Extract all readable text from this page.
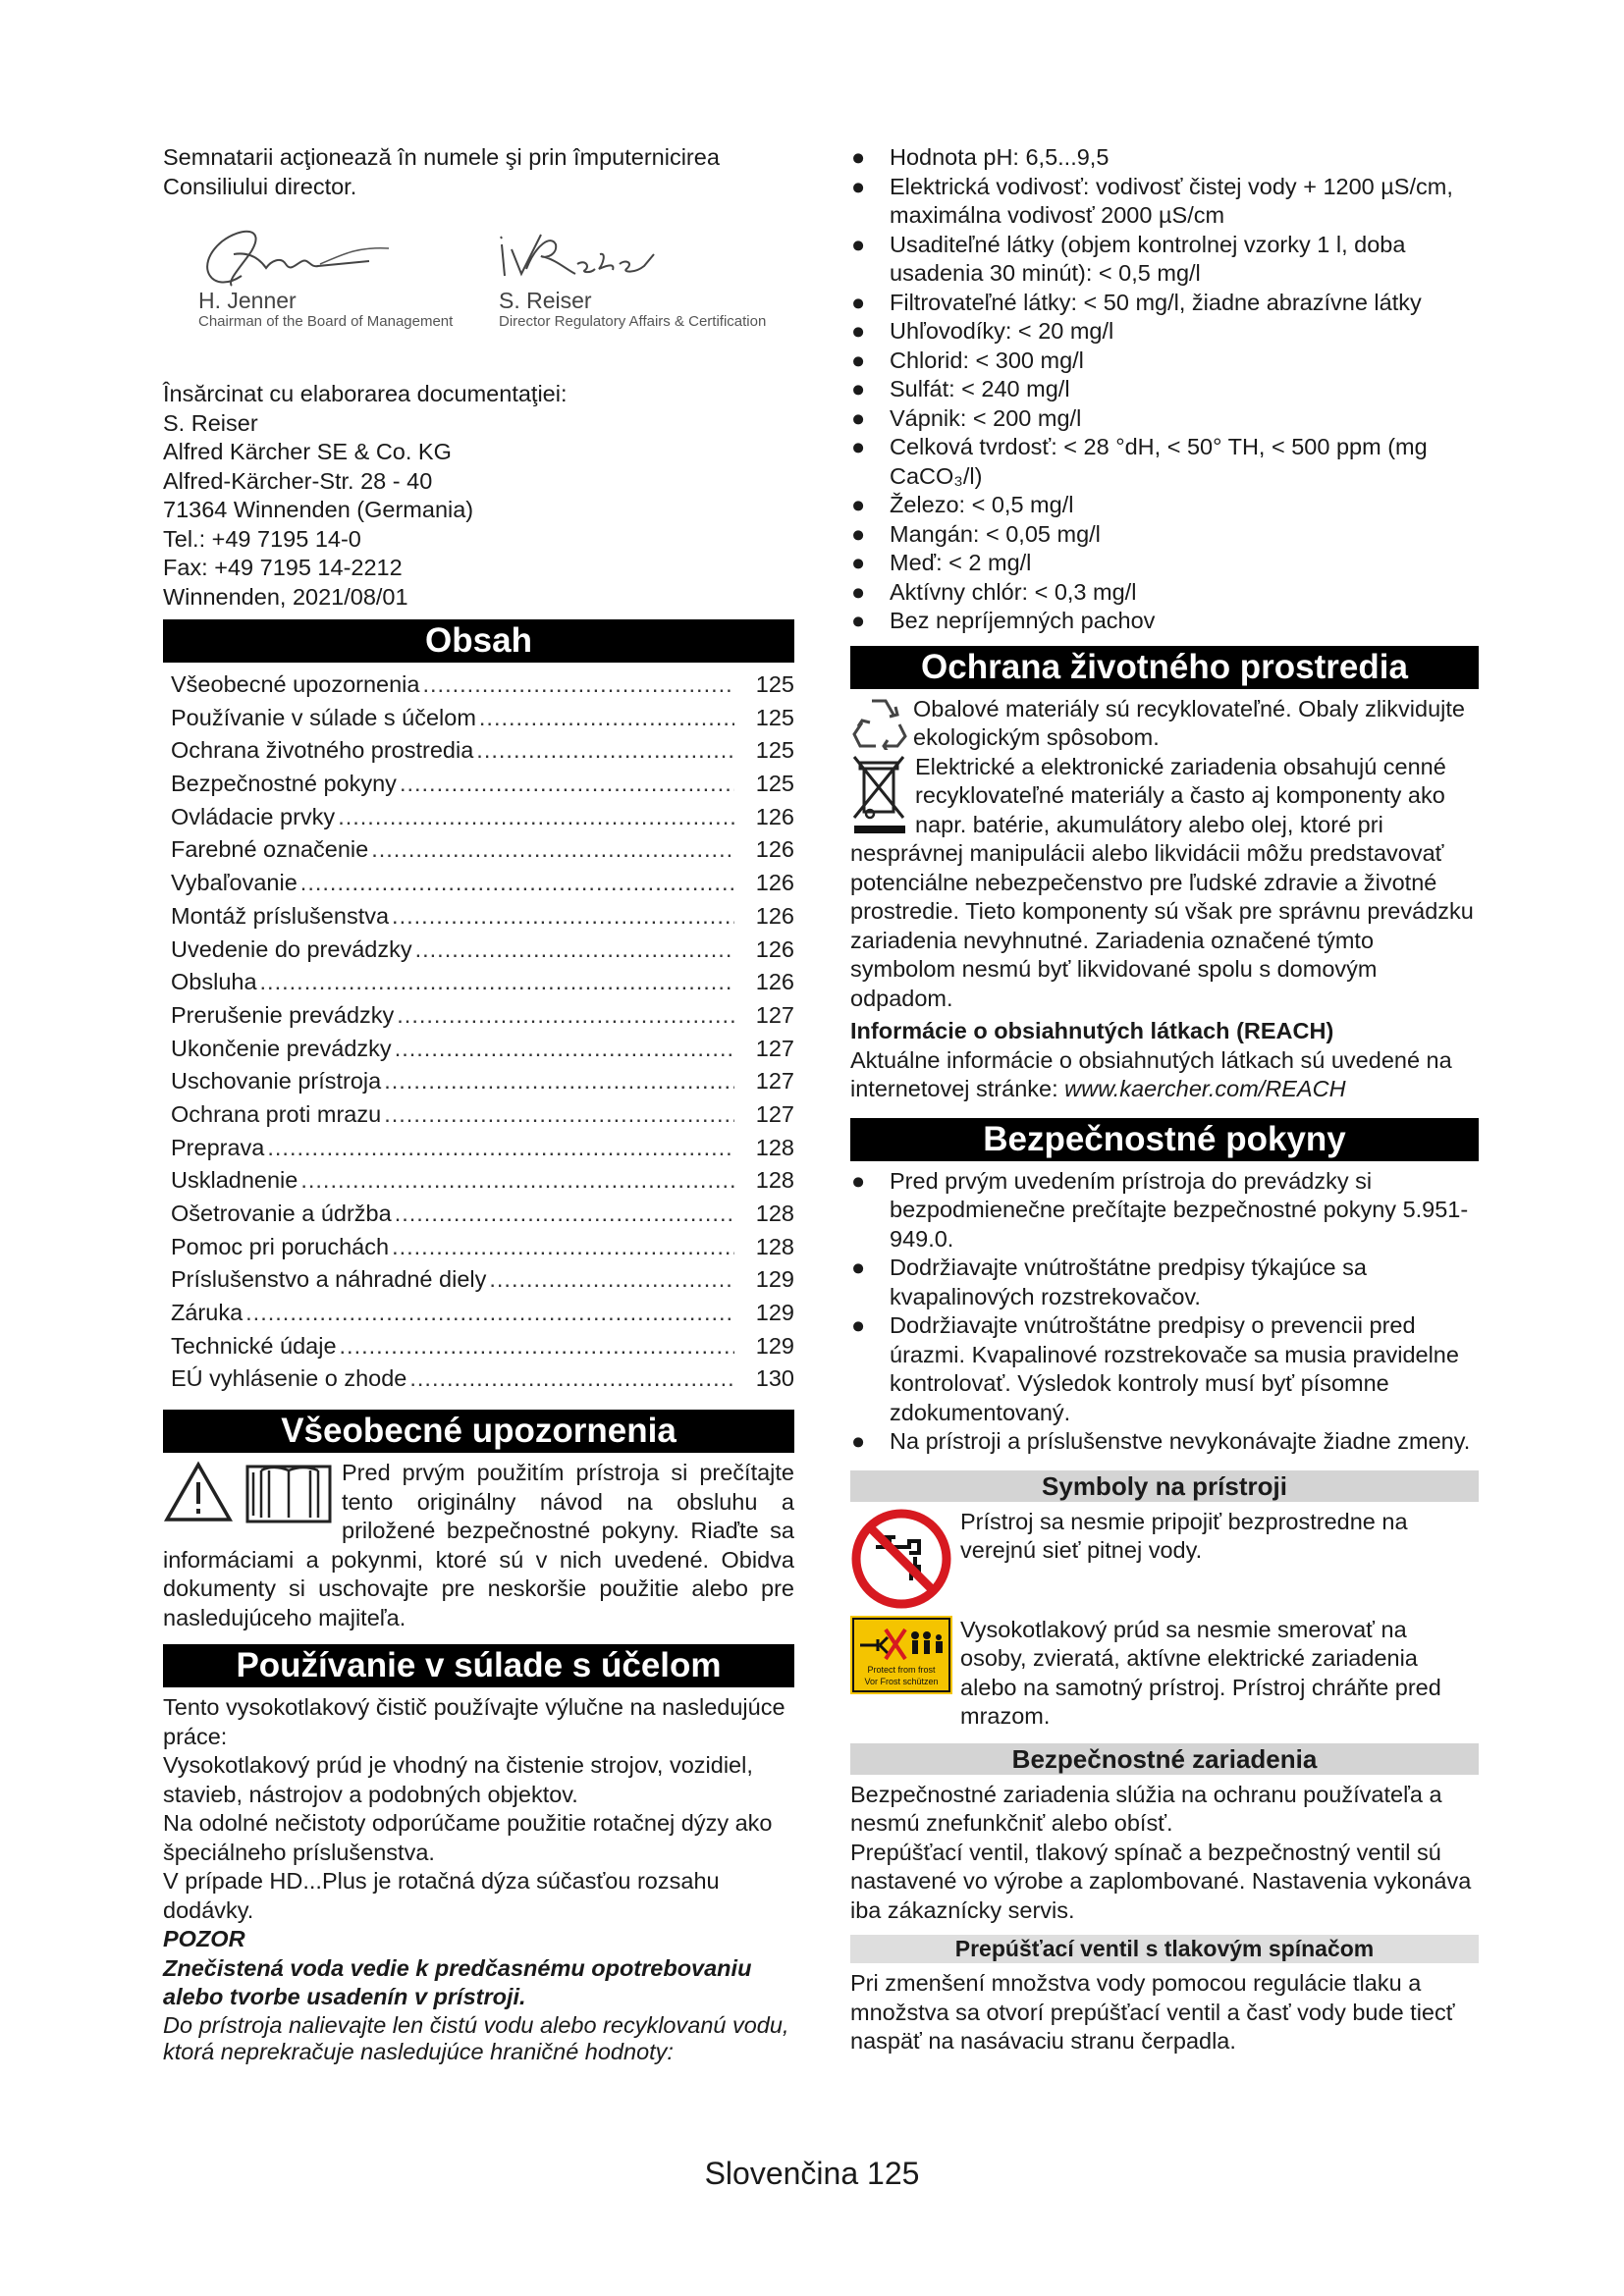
Semnatarii acţionează în numele şi prin împuternicirea Consiliului director.

H. Jenner
Chairman of the Board of Management
S. Reiser
Director Regulatory Affairs & Certification

Însărcinat cu elaborarea documentaţiei:

S. Reiser

Alfred Kärcher SE & Co. KG

Alfred-Kärcher-Str. 28 - 40

71364 Winnenden (Germania)

Tel.: +49 7195 14-0

Fax: +49 7195 14-2212

Winnenden, 2021/08/01

Obsah
Všeobecné upozornenia .....	125
Používanie v súlade s účelom .....	125
Ochrana životného prostredia .....	125
Bezpečnostné pokyny .....	125
Ovládacie prvky .....	126
Farebné označenie .....	126
Vybaľovanie .....	126
Montáž príslušenstva .....	126
Uvedenie do prevádzky .....	126
Obsluha .....	126
Prerušenie prevádzky .....	127
Ukončenie prevádzky .....	127
Uschovanie prístroja .....	127
Ochrana proti mrazu .....	127
Preprava .....	128
Uskladnenie .....	128
Ošetrovanie a údržba .....	128
Pomoc pri poruchách .....	128
Príslušenstvo a náhradné diely .....	129
Záruka .....	129
Technické údaje .....	129
EÚ vyhlásenie o zhode .....	130
Všeobecné upozornenia

Pred prvým použitím prístroja si prečítajte tento originálny návod na obsluhu a priložené bezpečnostné pokyny. Riaďte sa informáciami a pokynmi, ktoré sú v nich uvedené. Obidva dokumenty si uschovajte pre neskoršie použitie alebo pre nasledujúceho majiteľa.

Používanie v súlade s účelom

Tento vysokotlakový čistič používajte výlučne na nasledujúce práce:

Vysokotlakový prúd je vhodný na čistenie strojov, vozidiel, stavieb, nástrojov a podobných objektov.

Na odolné nečistoty odporúčame použitie rotačnej dýzy ako špeciálneho príslušenstva.

V prípade HD...Plus je rotačná dýza súčasťou rozsahu dodávky.

POZOR

Znečistená voda vedie k predčasnému opotrebovaniu alebo tvorbe usadenín v prístroji.

Do prístroja nalievajte len čistú vodu alebo recyklovanú vodu, ktorá neprekračuje nasledujúce hraničné hodnoty:

● Hodnota pH: 6,5...9,5
● Elektrická vodivosť: vodivosť čistej vody + 1200 µS/cm, maximálna vodivosť 2000 µS/cm
● Usaditeľné látky (objem kontrolnej vzorky 1 l, doba usadenia 30 minút): < 0,5 mg/l
● Filtrovateľné látky: < 50 mg/l, žiadne abrazívne látky
● Uhľovodíky: < 20 mg/l
● Chlorid: < 300 mg/l
● Sulfát: < 240 mg/l
● Vápnik: < 200 mg/l
● Celková tvrdosť: < 28 °dH, < 50° TH, < 500 ppm (mg CaCO₃/l)
● Železo: < 0,5 mg/l
● Mangán: < 0,05 mg/l
● Meď: < 2 mg/l
● Aktívny chlór: < 0,3 mg/l
● Bez nepríjemných pachov
Ochrana životného prostredia

Obalové materiály sú recyklovateľné. Obaly zlikvidujte ekologickým spôsobom.

Elektrické a elektronické zariadenia obsahujú cenné recyklovateľné materiály a často aj komponenty ako napr. batérie, akumulátory alebo olej, ktoré pri nesprávnej manipulácii alebo likvidácii môžu predstavovať potenciálne nebezpečenstvo pre ľudské zdravie a životné prostredie. Tieto komponenty sú však pre správnu prevádzku zariadenia nevyhnutné. Zariadenia označené týmto symbolom nesmú byť likvidované spolu s domovým odpadom.

Informácie o obsiahnutých látkach (REACH)

Aktuálne informácie o obsiahnutých látkach sú uvedené na internetovej stránke: www.kaercher.com/REACH

Bezpečnostné pokyny
● Pred prvým uvedením prístroja do prevádzky si bezpodmienečne prečítajte bezpečnostné pokyny 5.951-949.0.
● Dodržiavajte vnútroštátne predpisy týkajúce sa kvapalinových rozstrekovačov.
● Dodržiavajte vnútroštátne predpisy o prevencii pred úrazmi. Kvapalinové rozstrekovače sa musia pravidelne kontrolovať. Výsledok kontroly musí byť písomne zdokumentovaný.
● Na prístroji a príslušenstve nevykonávajte žiadne zmeny.
Symboly na prístroji

Prístroj sa nesmie pripojiť bezprostredne na verejnú sieť pitnej vody.

Protect from frost
Vor Frost schützen

Vysokotlakový prúd sa nesmie smerovať na osoby, zvieratá, aktívne elektrické zariadenia alebo na samotný prístroj. Prístroj chráňte pred mrazom.

Bezpečnostné zariadenia

Bezpečnostné zariadenia slúžia na ochranu používateľa a nesmú znefunkčniť alebo obísť.

Prepúšťací ventil, tlakový spínač a bezpečnostný ventil sú nastavené vo výrobe a zaplombované. Nastavenia vykonáva iba zákaznícky servis.

Prepúšťací ventil s tlakovým spínačom

Pri zmenšení množstva vody pomocou regulácie tlaku a množstva sa otvorí prepúšťací ventil a časť vody bude tiecť naspäť na nasávaciu stranu čerpadla.

Slovenčina 125
